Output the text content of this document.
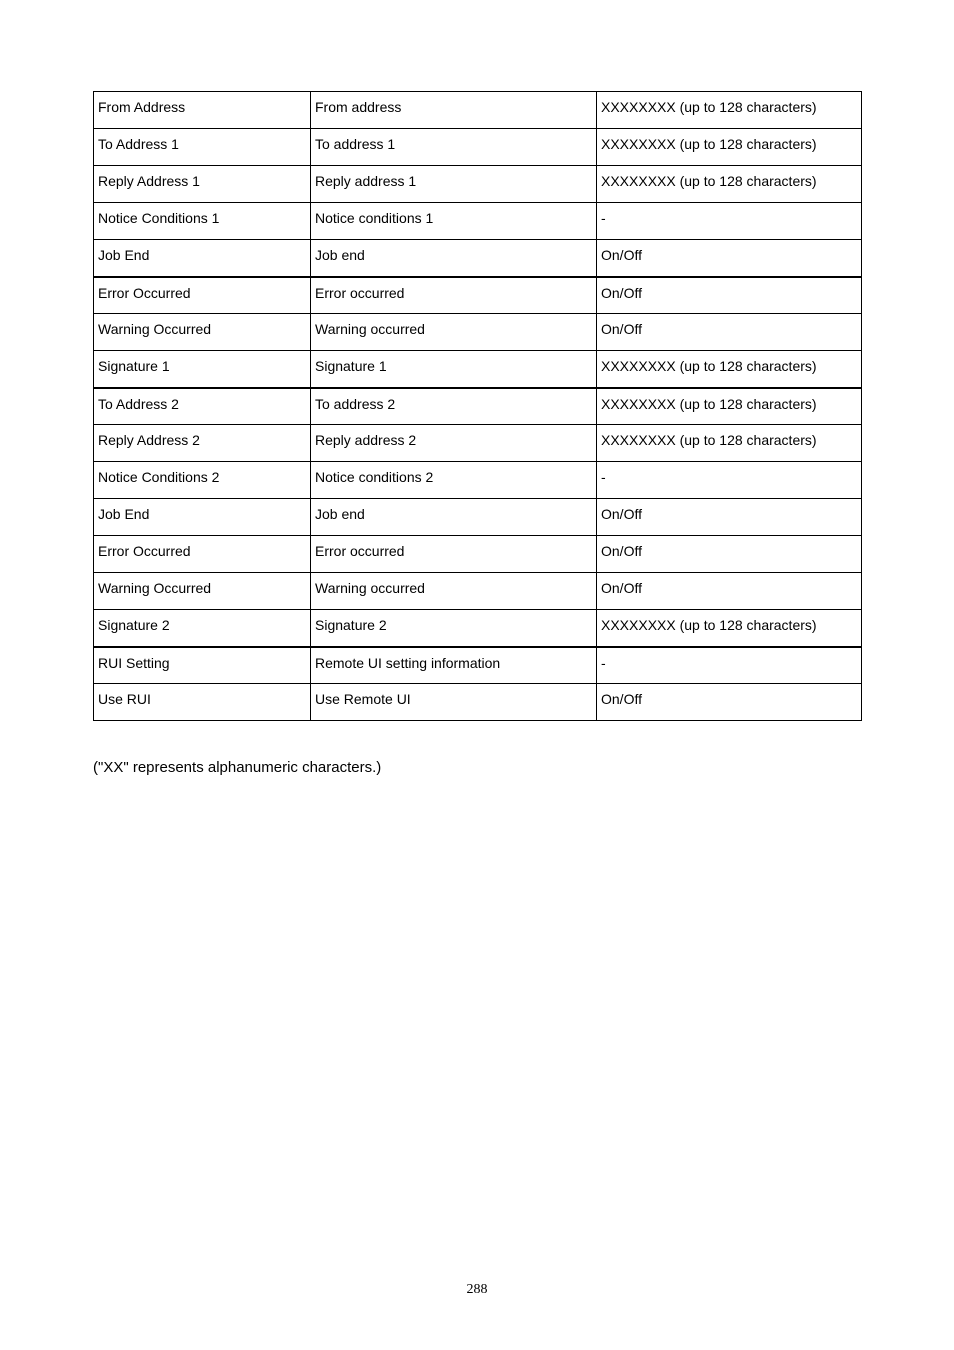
From Address	From address	XXXXXXXX (up to 128 characters)
To Address 1	To address 1	XXXXXXXX (up to 128 characters)
Reply Address 1	Reply address 1	XXXXXXXX (up to 128 characters)
Notice Conditions 1	Notice conditions 1	-
Job End	Job end	On/Off
Error Occurred	Error occurred	On/Off
Warning Occurred	Warning occurred	On/Off
Signature 1	Signature 1	XXXXXXXX (up to 128 characters)
To Address 2	To address 2	XXXXXXXX (up to 128 characters)
Reply Address 2	Reply address 2	XXXXXXXX (up to 128 characters)
Notice Conditions 2	Notice conditions 2	-
Job End	Job end	On/Off
Error Occurred	Error occurred	On/Off
Warning Occurred	Warning occurred	On/Off
Signature 2	Signature 2	XXXXXXXX (up to 128 characters)
RUI Setting	Remote UI setting information	-
Use RUI	Use Remote UI	On/Off
("XX" represents alphanumeric characters.)
288
